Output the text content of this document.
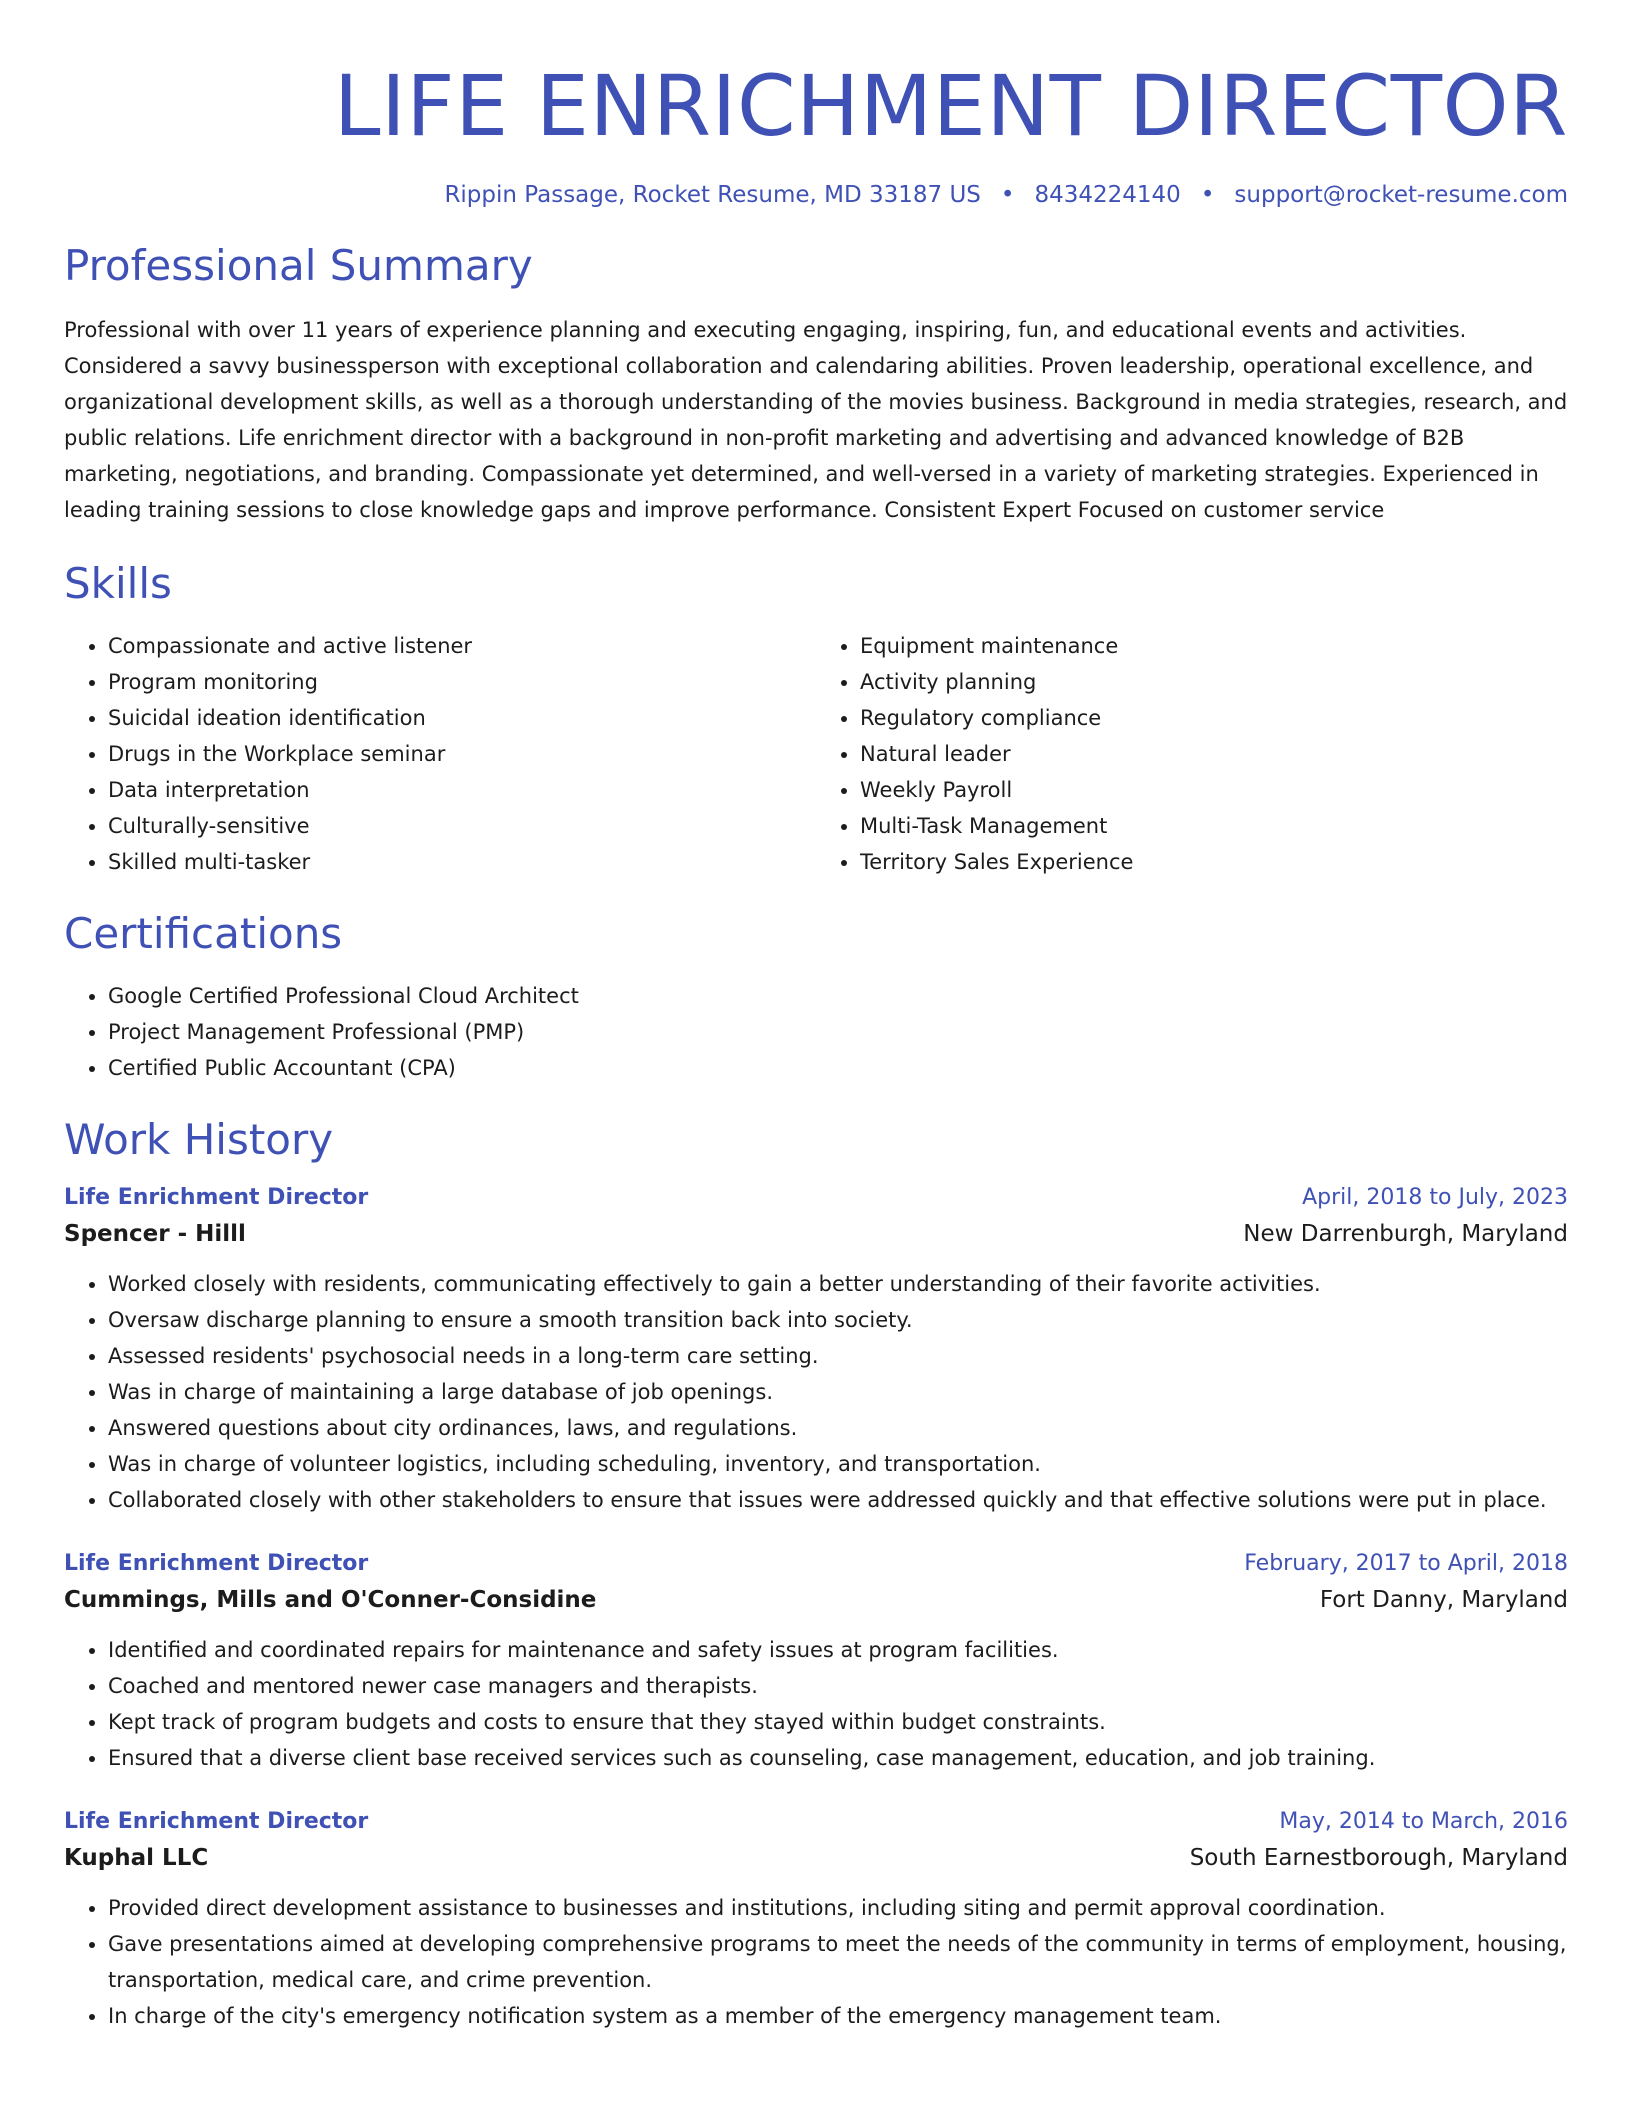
LIFE ENRICHMENT DIRECTOR
Rippin Passage, Rocket Resume, MD 33187 US • 8434224140 • support@rocket-resume.com
Professional Summary

Professional with over 11 years of experience planning and executing engaging, inspiring, fun, and educational events and activities. Considered a savvy businessperson with exceptional collaboration and calendaring abilities. Proven leadership, operational excellence, and organizational development skills, as well as a thorough understanding of the movies business. Background in media strategies, research, and public relations. Life enrichment director with a background in non-profit marketing and advertising and advanced knowledge of B2B marketing, negotiations, and branding. Compassionate yet determined, and well-versed in a variety of marketing strategies. Experienced in leading training sessions to close knowledge gaps and improve performance. Consistent Expert Focused on customer service

Skills
• Compassionate and active listener
• Program monitoring
• Suicidal ideation identification
• Drugs in the Workplace seminar
• Data interpretation
• Culturally-sensitive
• Skilled multi-tasker
• Equipment maintenance
• Activity planning
• Regulatory compliance
• Natural leader
• Weekly Payroll
• Multi-Task Management
• Territory Sales Experience
Certifications
• Google Certified Professional Cloud Architect
• Project Management Professional (PMP)
• Certified Public Accountant (CPA)
Work History
Life Enrichment Director	April, 2018 to July, 2023
Spencer - Hilll	New Darrenburgh, Maryland
• Worked closely with residents, communicating effectively to gain a better understanding of their favorite activities.
• Oversaw discharge planning to ensure a smooth transition back into society.
• Assessed residents' psychosocial needs in a long-term care setting.
• Was in charge of maintaining a large database of job openings.
• Answered questions about city ordinances, laws, and regulations.
• Was in charge of volunteer logistics, including scheduling, inventory, and transportation.
• Collaborated closely with other stakeholders to ensure that issues were addressed quickly and that effective solutions were put in place.
Life Enrichment Director	February, 2017 to April, 2018
Cummings, Mills and O'Conner-Considine	Fort Danny, Maryland
• Identified and coordinated repairs for maintenance and safety issues at program facilities.
• Coached and mentored newer case managers and therapists.
• Kept track of program budgets and costs to ensure that they stayed within budget constraints.
• Ensured that a diverse client base received services such as counseling, case management, education, and job training.
Life Enrichment Director	May, 2014 to March, 2016
Kuphal LLC	South Earnestborough, Maryland
• Provided direct development assistance to businesses and institutions, including siting and permit approval coordination.
• Gave presentations aimed at developing comprehensive programs to meet the needs of the community in terms of employment, housing, transportation, medical care, and crime prevention.
• In charge of the city's emergency notification system as a member of the emergency management team.
